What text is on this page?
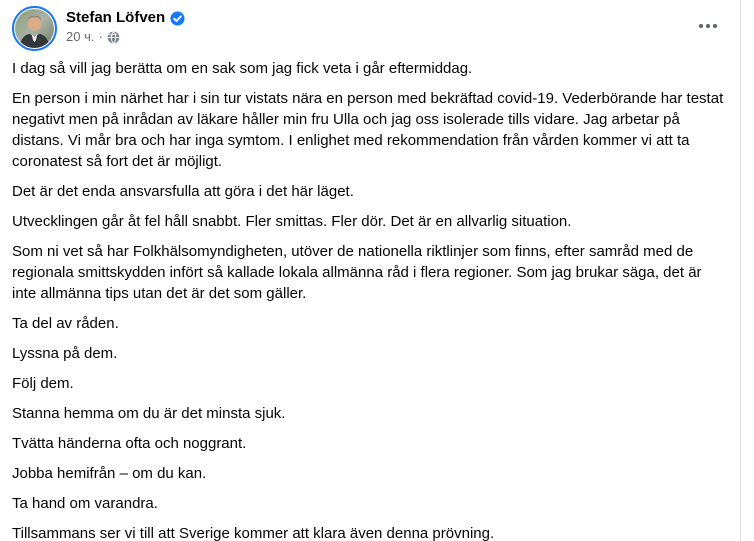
Stefan Löfven
20 ч. ·

I dag så vill jag berätta om en sak som jag fick veta i går eftermiddag.

En person i min närhet har i sin tur vistats nära en person med bekräftad covid-19. Vederbörande har testat negativt men på inrådan av läkare håller min fru Ulla och jag oss isolerade tills vidare. Jag arbetar på distans. Vi mår bra och har inga symtom. I enlighet med rekommendation från vården kommer vi att ta coronatest så fort det är möjligt.

Det är det enda ansvarsfulla att göra i det här läget.

Utvecklingen går åt fel håll snabbt. Fler smittas. Fler dör. Det är en allvarlig situation.

Som ni vet så har Folkhälsomyndigheten, utöver de nationella riktlinjer som finns, efter samråd med de regionala smittskydden infört så kallade lokala allmänna råd i flera regioner. Som jag brukar säga, det är inte allmänna tips utan det är det som gäller.

Ta del av råden.

Lyssna på dem.

Följ dem.

Stanna hemma om du är det minsta sjuk.

Tvätta händerna ofta och noggrant.

Jobba hemifrån – om du kan.

Ta hand om varandra.

Tillsammans ser vi till att Sverige kommer att klara även denna prövning.
